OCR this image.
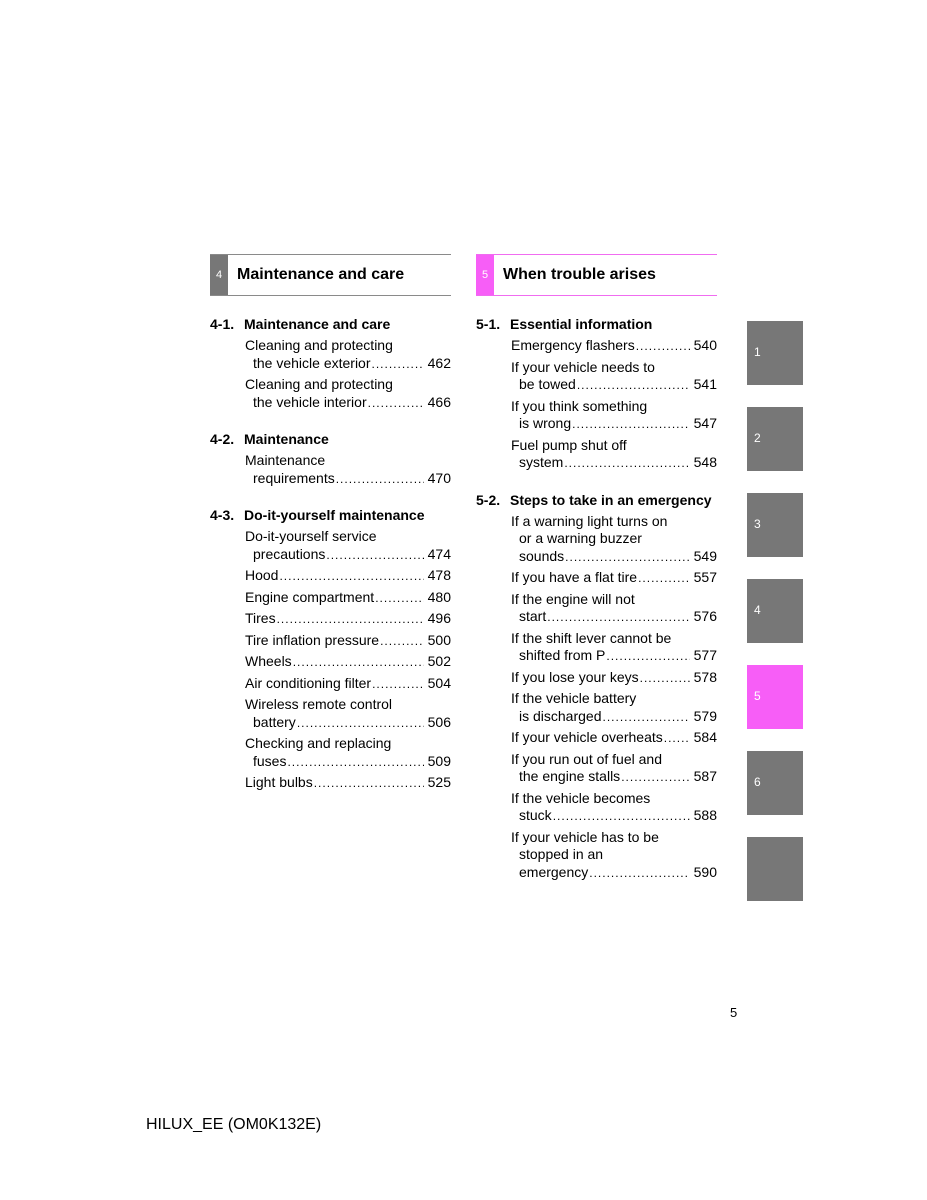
4 Maintenance and care
4-1. Maintenance and care
Cleaning and protecting
the vehicle exterior .....	462
Cleaning and protecting
the vehicle interior .....	466
4-2. Maintenance
Maintenance
requirements .....	470
4-3. Do-it-yourself maintenance
Do-it-yourself service
precautions .....	474
Hood .....	478
Engine compartment .....	480
Tires .....	496
Tire inflation pressure .....	500
Wheels .....	502
Air conditioning filter .....	504
Wireless remote control
battery .....	506
Checking and replacing
fuses .....	509
Light bulbs .....	525
5 When trouble arises
5-1. Essential information
Emergency flashers .....	540
If your vehicle needs to
be towed .....	541
If you think something
is wrong .....	547
Fuel pump shut off
system .....	548
5-2. Steps to take in an emergency
If a warning light turns on
or a warning buzzer
sounds .....	549
If you have a flat tire .....	557
If the engine will not
start .....	576
If the shift lever cannot be
shifted from P .....	577
If you lose your keys .....	578
If the vehicle battery
is discharged .....	579
If your vehicle overheats ..... 584
If you run out of fuel and
the engine stalls .....	587
If the vehicle becomes
stuck .....	588
If your vehicle has to be
stopped in an
emergency .....	590
1
2
3
4
5
6
5
HILUX_EE (OM0K132E)
